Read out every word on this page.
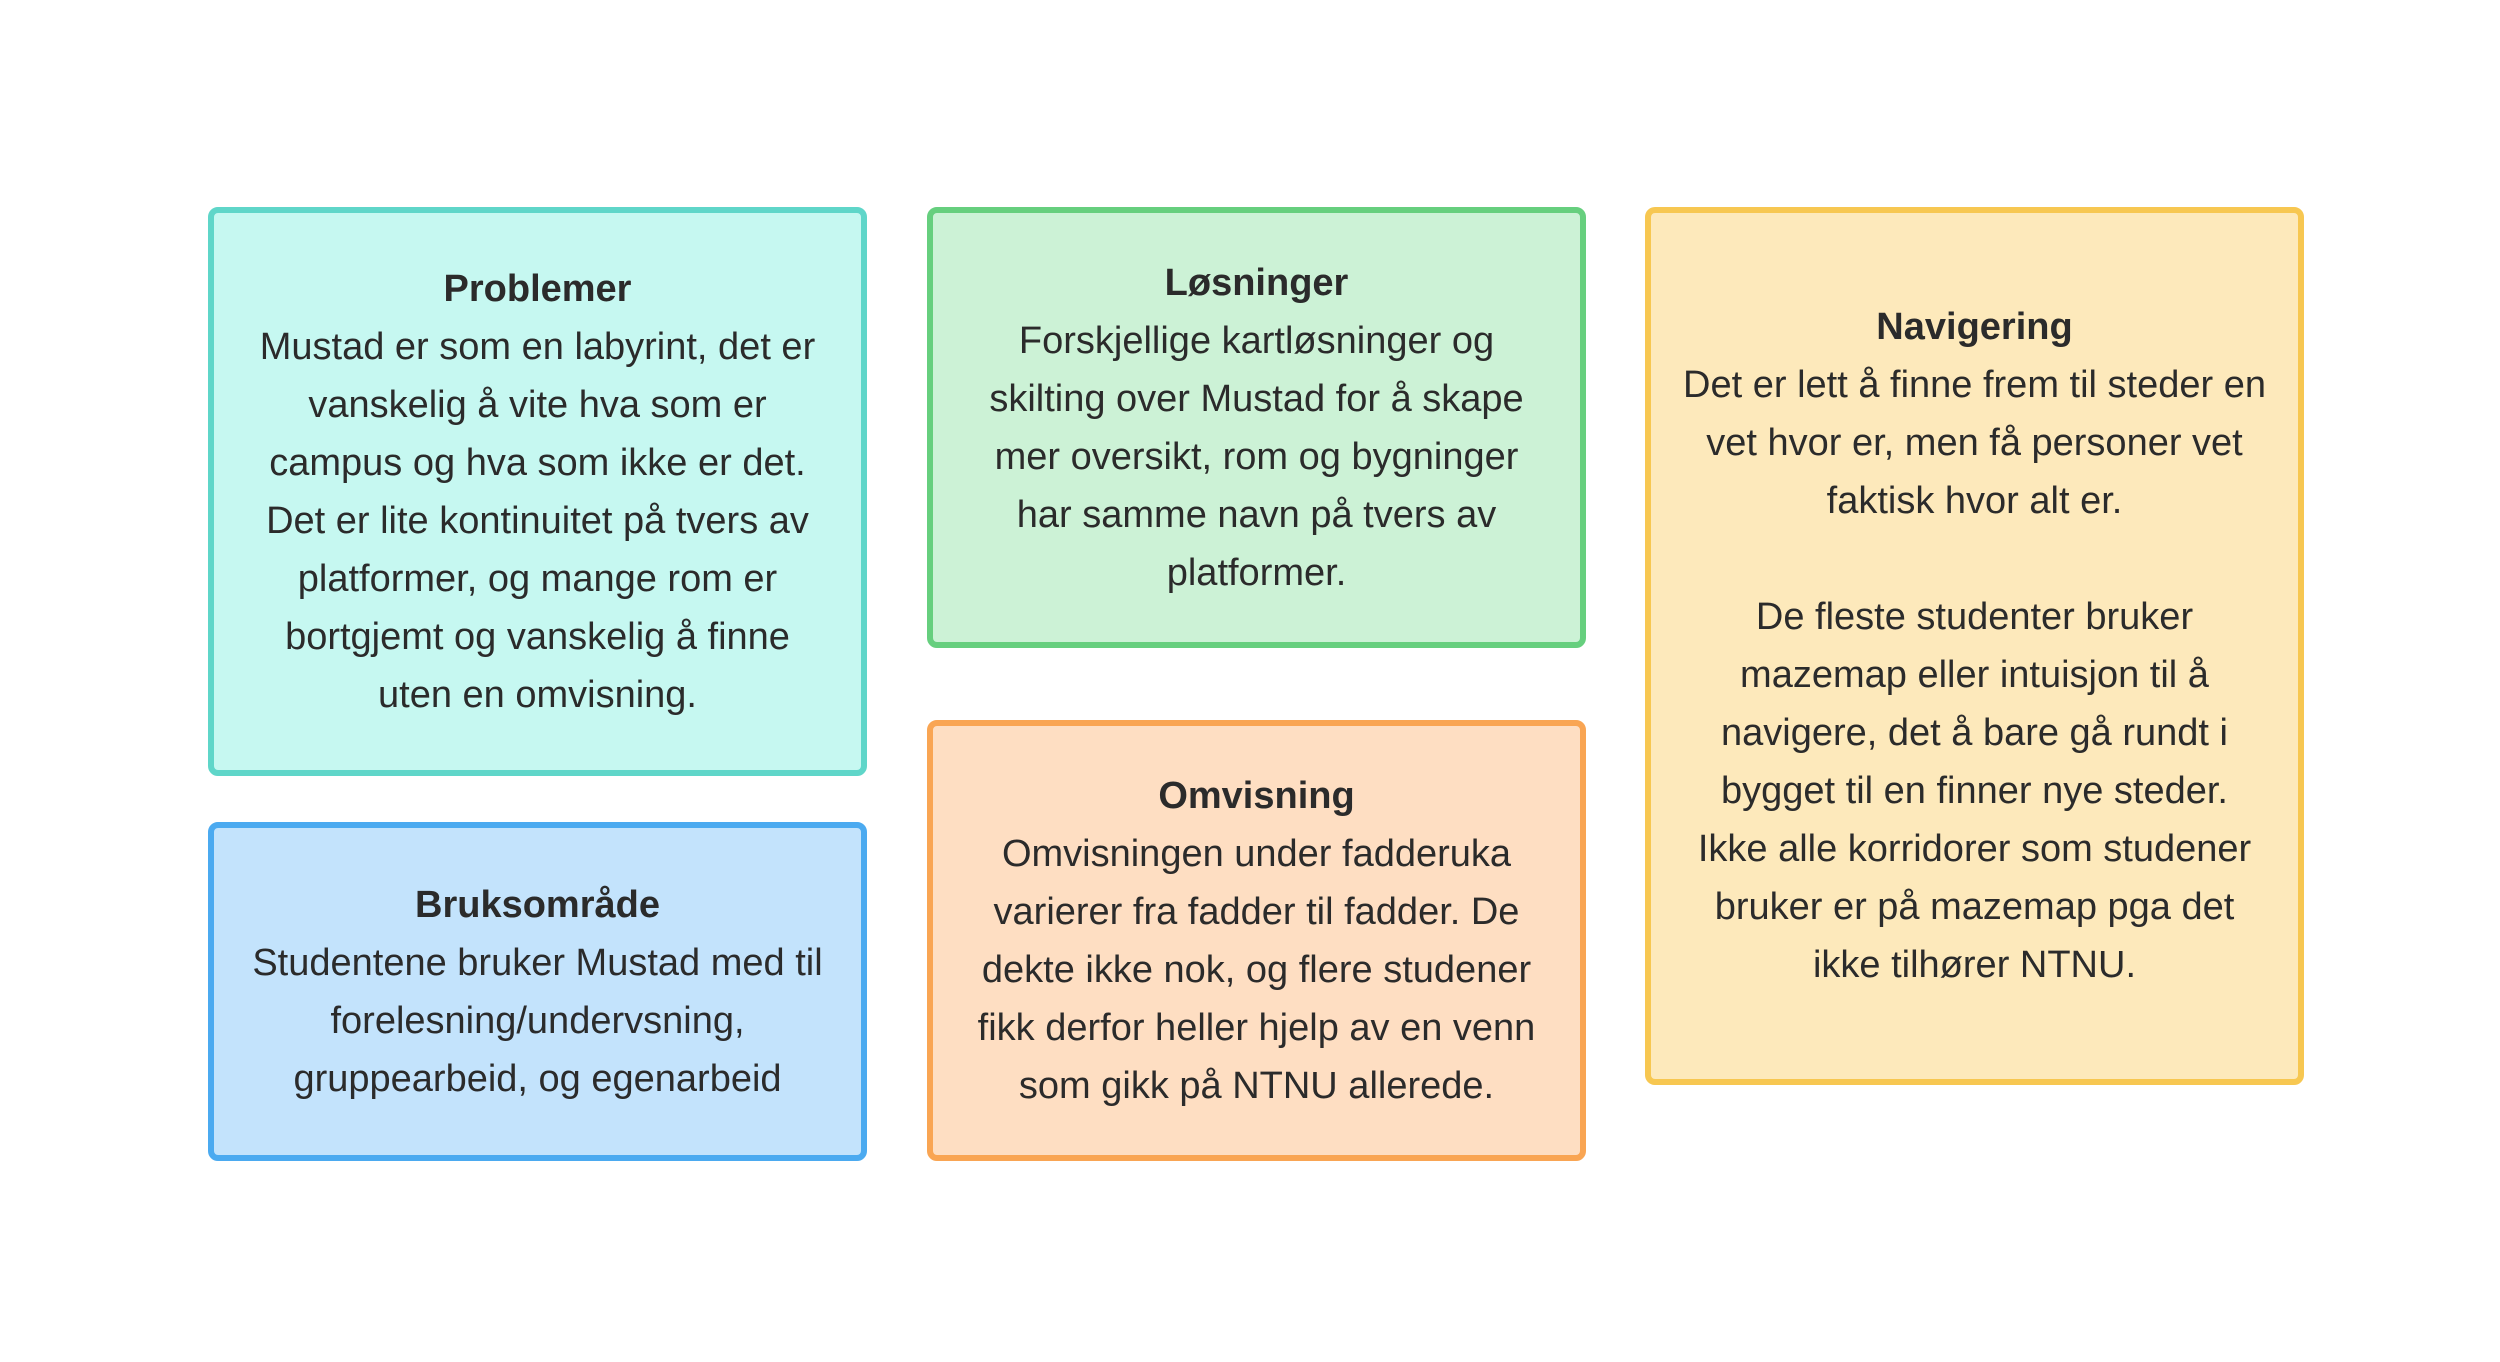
Problemer

Mustad er som en labyrint, det er vanskelig å vite hva som er campus og hva som ikke er det. Det er lite kontinuitet på tvers av platformer, og mange rom er bortgjemt og vanskelig å finne uten en omvisning.

Løsninger

Forskjellige kartløsninger og skilting over Mustad for å skape mer oversikt, rom og bygninger har samme navn på tvers av platformer.

Navigering

Det er lett å finne frem til steder en vet hvor er, men få personer vet faktisk hvor alt er.

De fleste studenter bruker mazemap eller intuisjon til å navigere, det å bare gå rundt i bygget til en finner nye steder. Ikke alle korridorer som studener bruker er på mazemap pga det ikke tilhører NTNU.

Bruksområde

Studentene bruker Mustad med til forelesning/undervsning, gruppearbeid, og egenarbeid

Omvisning

Omvisningen under fadderuka varierer fra fadder til fadder. De dekte ikke nok, og flere studener fikk derfor heller hjelp av en venn som gikk på NTNU allerede.
